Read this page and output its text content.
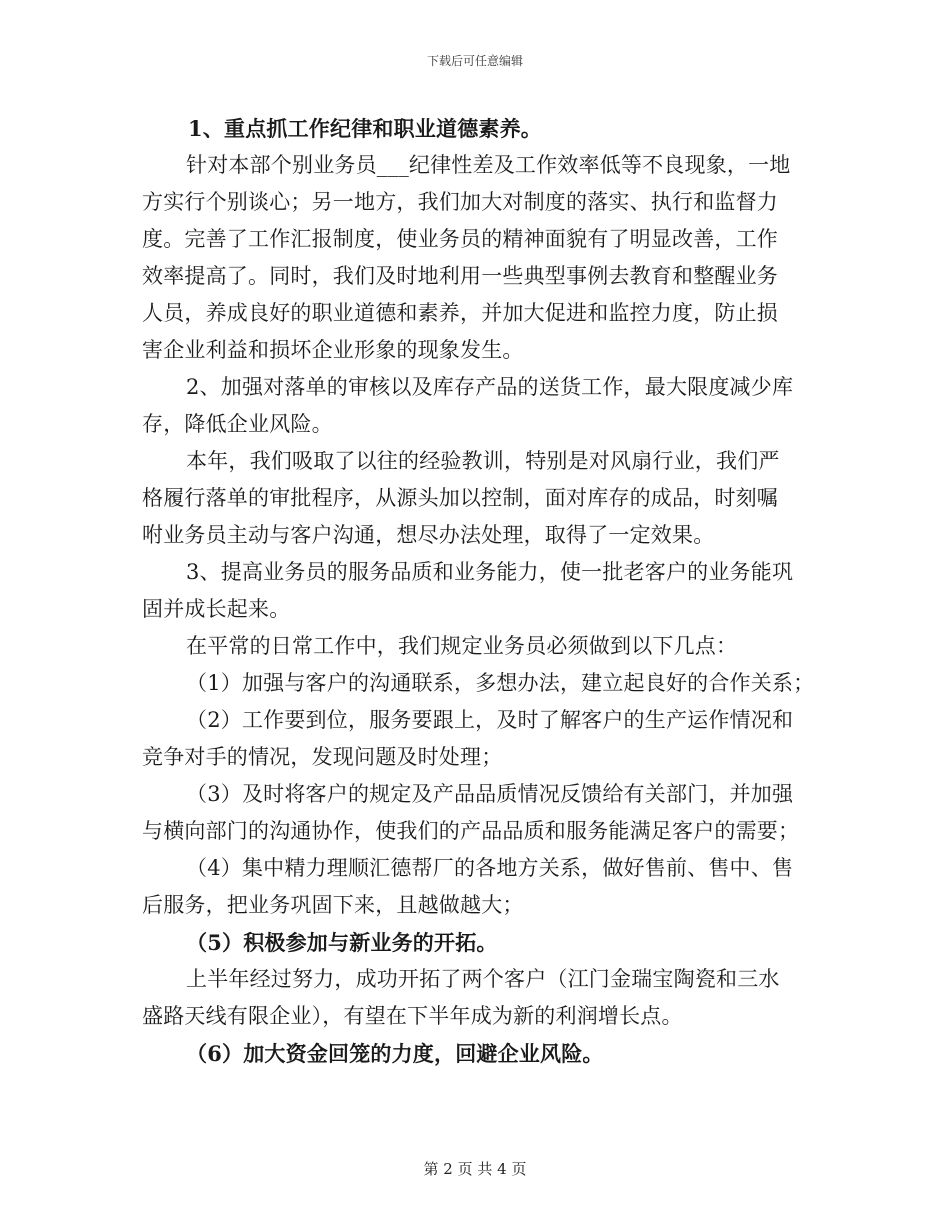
下载后可任意编辑
1、重点抓工作纪律和职业道德素养。
针对本部个别业务员___纪律性差及工作效率低等不良现象，一地
方实行个别谈心；另一地方，我们加大对制度的落实、执行和监督力
度。完善了工作汇报制度，使业务员的精神面貌有了明显改善，工作
效率提高了。同时，我们及时地利用一些典型事例去教育和整醒业务
人员，养成良好的职业道德和素养，并加大促进和监控力度，防止损
害企业利益和损坏企业形象的现象发生。
2、加强对落单的审核以及库存产品的送货工作，最大限度减少库
存，降低企业风险。
本年，我们吸取了以往的经验教训，特别是对风扇行业，我们严
格履行落单的审批程序，从源头加以控制，面对库存的成品，时刻嘱
咐业务员主动与客户沟通，想尽办法处理，取得了一定效果。
3、提高业务员的服务品质和业务能力，使一批老客户的业务能巩
固并成长起来。
在平常的日常工作中，我们规定业务员必须做到以下几点：
（1）加强与客户的沟通联系，多想办法，建立起良好的合作关系；
（2）工作要到位，服务要跟上，及时了解客户的生产运作情况和
竞争对手的情况，发现问题及时处理；
（3）及时将客户的规定及产品品质情况反馈给有关部门，并加强
与横向部门的沟通协作，使我们的产品品质和服务能满足客户的需要；
（4）集中精力理顺汇德帮厂的各地方关系，做好售前、售中、售
后服务，把业务巩固下来，且越做越大；
（5）积极参加与新业务的开拓。
上半年经过努力，成功开拓了两个客户（江门金瑞宝陶瓷和三水
盛路天线有限企业），有望在下半年成为新的利润增长点。
（6）加大资金回笼的力度，回避企业风险。
第 2 页 共 4 页
